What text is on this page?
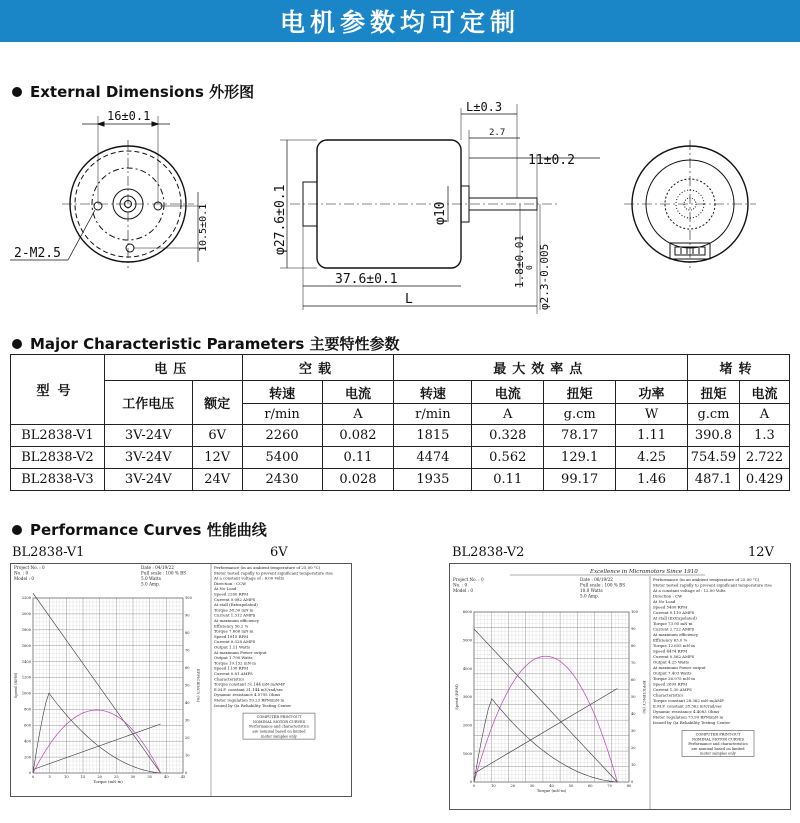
电机参数均可定制
External Dimensions 外形图
16±0.1
10.5±0.1
2-M2.5
L±0.3
2.7
11±0.2
φ27.6±0.1	φ10
37.6±0.1
L
1.8±0.01 0 φ2.3-0.005
Major Characteristic Parameters 主要特性参数
型号	电压		空载		最大效率点				堵转	
	工作电压	额定	转速	电流	转速	电流	扭矩	功率	扭矩	电流
			r/min	A	r/min	A	g.cm	W	g.cm	A
BL2838-V1	3V-24V	6V	2260	0.082	1815	0.328	78.17	1.11	390.8	1.3
BL2838-V2	3V-24V	12V	5400	0.11	4474	0.562	129.1	4.25	754.59	2.722
BL2838-V3	3V-24V	24V	2430	0.028	1935	0.11	99.17	1.46	487.1	0.429
Performance Curves 性能曲线
BL2838-V1	6V	BL2838-V2	12V
Project No. : 0
No. : 0
Model : 0
Date : 04/19/22
Full scale : 100 % BS
5.0 Watts
5.0 Amp.
Performance (in an ambient temperature of 25.00 °C)
Motor tested rapidly to prevent significant temperature rise
At a constant voltage of : 6.00 Volts
Direction : CCW
At No Load
Speed 2260 RPM
Current 0.082 AMPS
At stall (Extrapolated)
Torque 38.30 mN·m
Current 1.312 AMPS
At maximum efficiency
Efficiency 56.2 %
Torque 7.666 mN·m
Speed 1815 RPM
Current 0.328 AMPS
Output 1.11 Watts
At maximum Power output
Output 1.790 Watts
Torque 19.152 mN·m
Speed 1130 RPM
Current 0.81 AMPS
Characteristics
Torque constant 31.144 mN·m/AMP
E.M.F. constant 31.144 mV/rad/sec
Dynamic resistance 4.5795 Ohms
Motor regulation 59.23 RPM/mN·m
Issued by Qa Reliability Testing Center
COMPUTER PRINT-OUT
NOMINAL MOTOR CURVES
Performance and characteristics
are nominal based on limited
motor samples only
0	5	10	15	20	25	30	35	40	45
0
200
400
600
800
1000
1200
1400
1600
1800
2000
2200
0
10
20
30
40
50
60
70
80
90
100
Torque (mN·m)
Speed (RPM)	EFFICIENCY (%)
Excellence in Micromotors Since 1910
Project No. : 0
No. : 0
Model : 0
Date : 06/19/22
Full scale : 100 % BS
10.0 Watts
5.0 Amp.
Performance (in an ambient temperature of 25.00 °C)
Motor tested rapidly to prevent significant temperature rise
At a constant voltage of : 12.00 Volts
Direction : CW
At No Load
Speed 5400 RPM
Current 0.110 AMPS
At stall (Extrapolated)
Torque 73.95 mN·m
Current 2.722 AMPS
At maximum efficiency
Efficiency 63.0 %
Torque 12.655 mN·m
Speed 4474 RPM
Current 0.562 AMPS
Output 4.25 Watts
At maximum Power output
Output 7.403 Watts
Torque 26.975 mN·m
Speed 2699 RPM
Current 1.30 AMPS
Characteristics
Torque constant 28.362 mN·m/AMP
E.M.F. constant 28.362 mV/rad/sec
Dynamic resistance 4.4083 Ohms
Motor regulation 73.99 RPM/mN·m
Issued by Qa Reliability Testing Center
COMPUTER PRINT-OUT
NOMINAL MOTOR CURVES
Performance and characteristics
are nominal based on limited
motor samples only
0	10	20	30	40	50	60	70	80
0
1000
2000
3000
4000
5000
6000
0
10
20
30
40
50
60
70
80
90
100
Torque (mN·m)
Speed (RPM)	EFFICIENCY (%)
